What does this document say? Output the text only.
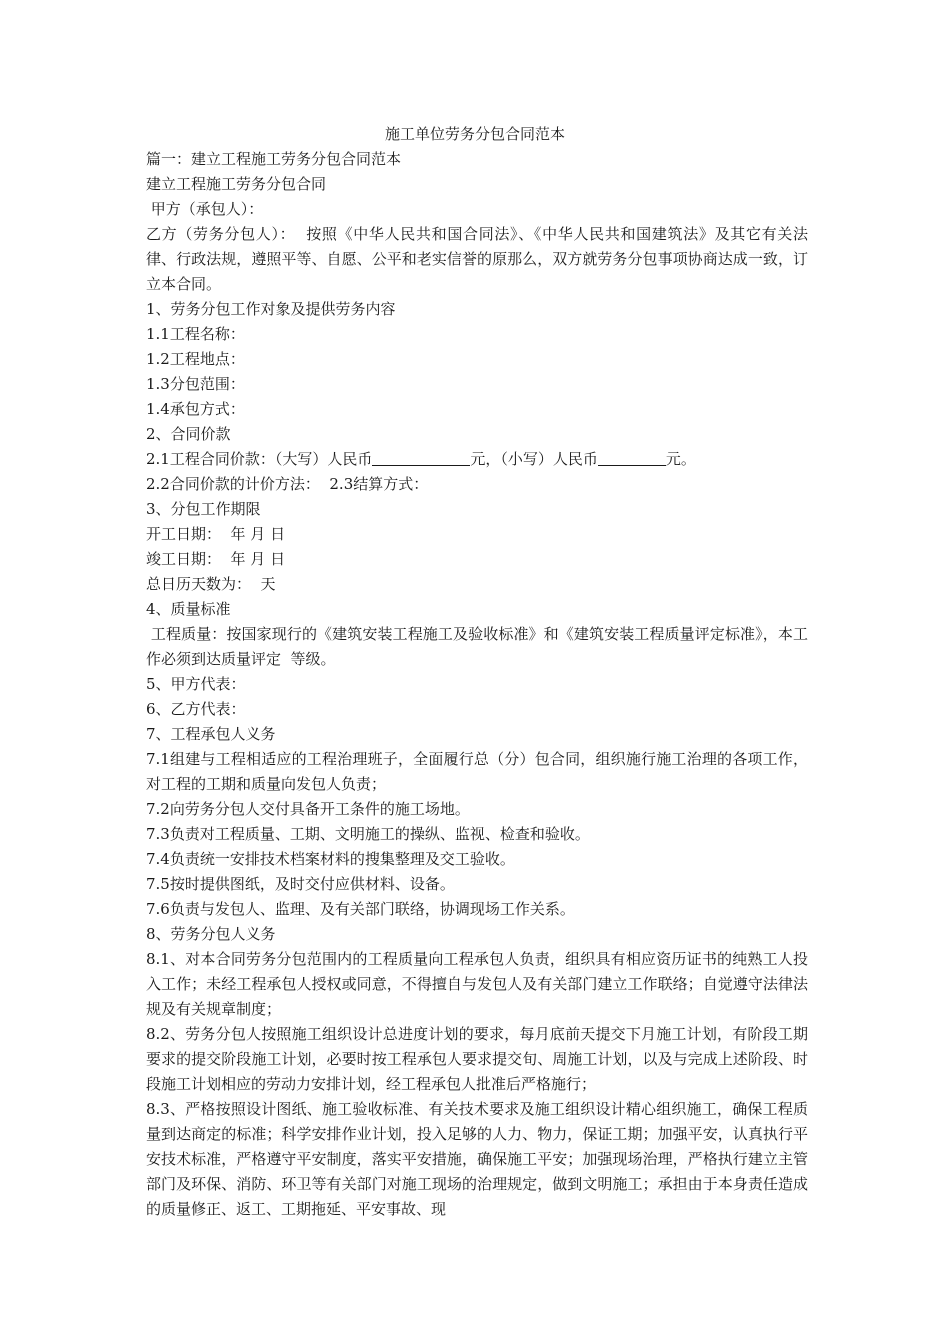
施工单位劳务分包合同范本

篇一：建立工程施工劳务分包合同范本

建立工程施工劳务分包合同

甲方（承包人）：

乙方（劳务分包人）：  按照《中华人民共和国合同法》、《中华人民共和国建筑法》及其它有关法律、行政法规，遵照平等、自愿、公平和老实信誉的原那么，双方就劳务分包事项协商达成一致，订立本合同。

1、劳务分包工作对象及提供劳务内容

1.1工程名称：

1.2工程地点：

1.3分包范围：

1.4承包方式：

2、合同价款

2.1工程合同价款：（大写）人民币	元，（小写）人民币	元。

2.2合同价款的计价方法：  2.3结算方式：

3、分包工作期限

开工日期：  年 月 日

竣工日期：  年 月 日

总日历天数为：  天

4、质量标准

工程质量：按国家现行的《建筑安装工程施工及验收标准》和《建筑安装工程质量评定标准》，本工作必须到达质量评定  等级。

5、甲方代表：

6、乙方代表：

7、工程承包人义务

7.1组建与工程相适应的工程治理班子，全面履行总（分）包合同，组织施行施工治理的各项工作，对工程的工期和质量向发包人负责；

7.2向劳务分包人交付具备开工条件的施工场地。

7.3负责对工程质量、工期、文明施工的操纵、监视、检查和验收。

7.4负责统一安排技术档案材料的搜集整理及交工验收。

7.5按时提供图纸，及时交付应供材料、设备。

7.6负责与发包人、监理、及有关部门联络，协调现场工作关系。

8、劳务分包人义务

8.1、对本合同劳务分包范围内的工程质量向工程承包人负责，组织具有相应资历证书的纯熟工人投入工作；未经工程承包人授权或同意，不得擅自与发包人及有关部门建立工作联络；自觉遵守法律法规及有关规章制度；

8.2、劳务分包人按照施工组织设计总进度计划的要求，每月底前天提交下月施工计划，有阶段工期要求的提交阶段施工计划，必要时按工程承包人要求提交旬、周施工计划，以及与完成上述阶段、时段施工计划相应的劳动力安排计划，经工程承包人批准后严格施行；

8.3、严格按照设计图纸、施工验收标准、有关技术要求及施工组织设计精心组织施工，确保工程质量到达商定的标准；科学安排作业计划，投入足够的人力、物力，保证工期；加强平安，认真执行平安技术标准，严格遵守平安制度，落实平安措施，确保施工平安；加强现场治理，严格执行建立主管部门及环保、消防、环卫等有关部门对施工现场的治理规定，做到文明施工；承担由于本身责任造成的质量修正、返工、工期拖延、平安事故、现
